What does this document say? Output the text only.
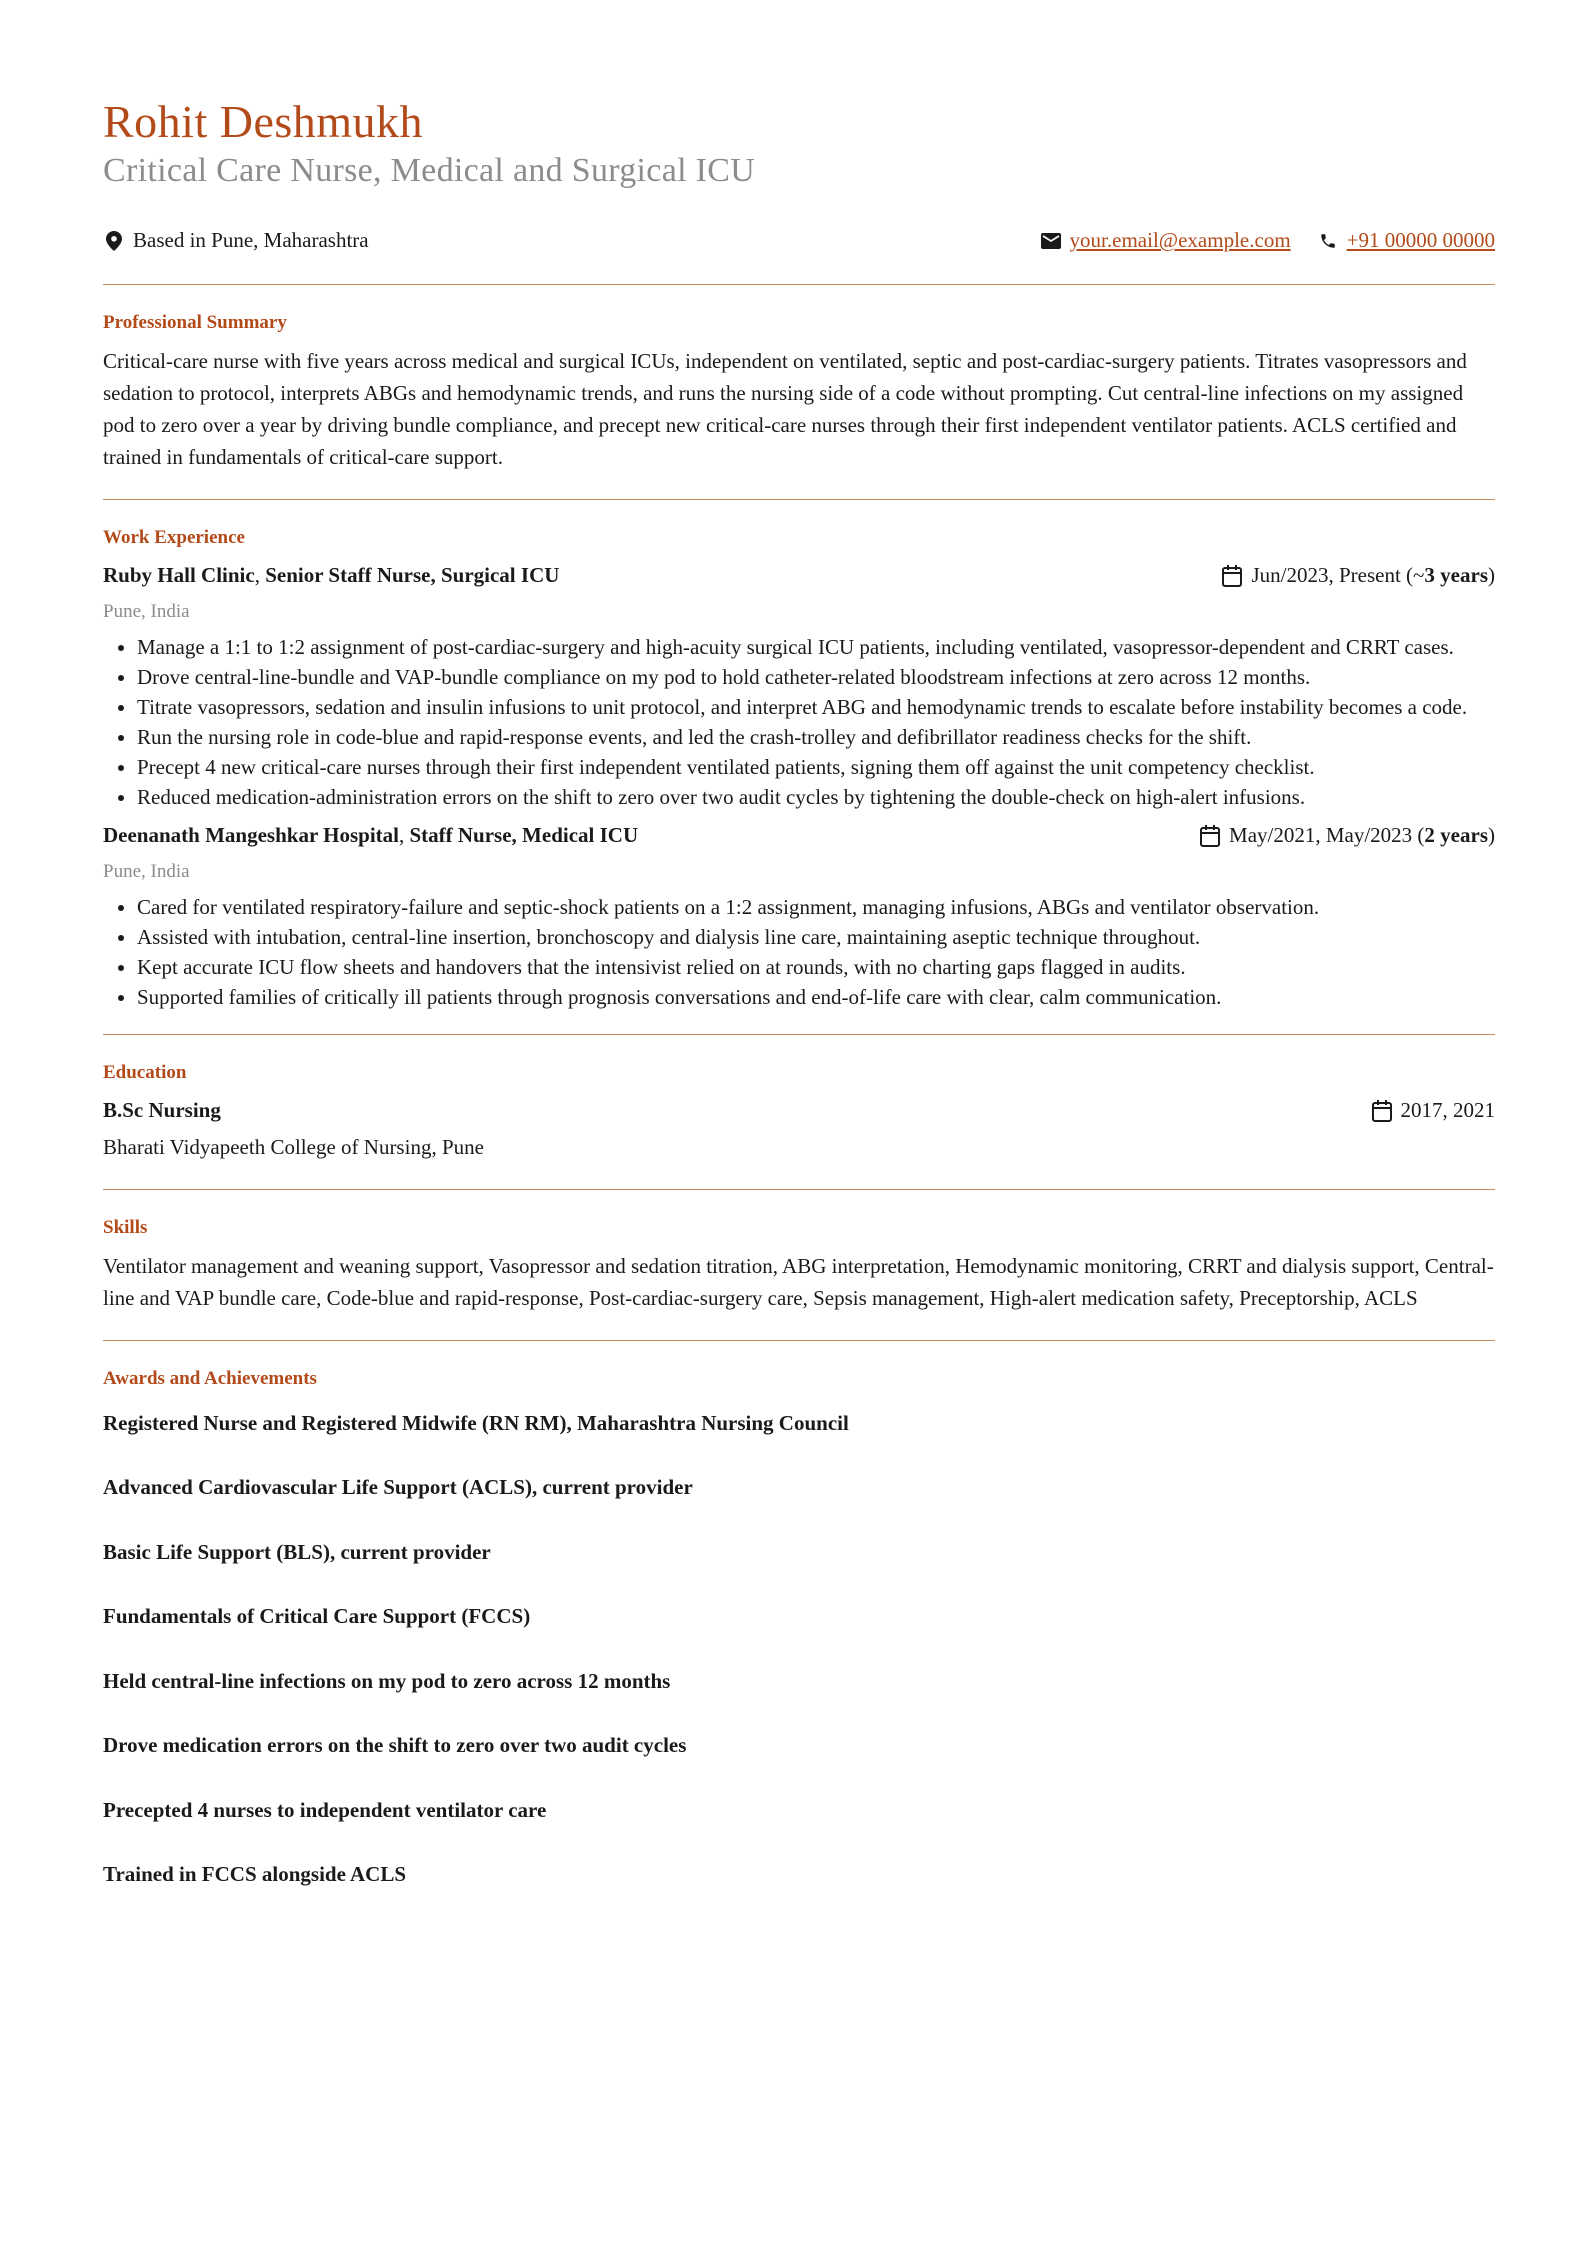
Rohit Deshmukh
Critical Care Nurse, Medical and Surgical ICU
Based in Pune, Maharashtra	your.email@example.com	+91 00000 00000
Professional Summary
Critical-care nurse with five years across medical and surgical ICUs, independent on ventilated, septic and post-cardiac-surgery patients. Titrates vasopressors and sedation to protocol, interprets ABGs and hemodynamic trends, and runs the nursing side of a code without prompting. Cut central-line infections on my assigned pod to zero over a year by driving bundle compliance, and precept new critical-care nurses through their first independent ventilator patients. ACLS certified and trained in fundamentals of critical-care support.
Work Experience
Ruby Hall Clinic, Senior Staff Nurse, Surgical ICU	Jun/2023, Present (~ 3 years )
Pune, India
• Manage a 1:1 to 1:2 assignment of post-cardiac-surgery and high-acuity surgical ICU patients, including ventilated, vasopressor-dependent and CRRT cases.
• Drove central-line-bundle and VAP-bundle compliance on my pod to hold catheter-related bloodstream infections at zero across 12 months.
• Titrate vasopressors, sedation and insulin infusions to unit protocol, and interpret ABG and hemodynamic trends to escalate before instability becomes a code.
• Run the nursing role in code-blue and rapid-response events, and led the crash-trolley and defibrillator readiness checks for the shift.
• Precept 4 new critical-care nurses through their first independent ventilated patients, signing them off against the unit competency checklist.
• Reduced medication-administration errors on the shift to zero over two audit cycles by tightening the double-check on high-alert infusions.
Deenanath Mangeshkar Hospital, Staff Nurse, Medical ICU	May/2021, May/2023 ( 2 years )
Pune, India
• Cared for ventilated respiratory-failure and septic-shock patients on a 1:2 assignment, managing infusions, ABGs and ventilator observation.
• Assisted with intubation, central-line insertion, bronchoscopy and dialysis line care, maintaining aseptic technique throughout.
• Kept accurate ICU flow sheets and handovers that the intensivist relied on at rounds, with no charting gaps flagged in audits.
• Supported families of critically ill patients through prognosis conversations and end-of-life care with clear, calm communication.
Education
B.Sc Nursing	2017, 2021
Bharati Vidyapeeth College of Nursing, Pune
Skills
Ventilator management and weaning support, Vasopressor and sedation titration, ABG interpretation, Hemodynamic monitoring, CRRT and dialysis support, Central-line and VAP bundle care, Code-blue and rapid-response, Post-cardiac-surgery care, Sepsis management, High-alert medication safety, Preceptorship, ACLS
Awards and Achievements
Registered Nurse and Registered Midwife (RN RM), Maharashtra Nursing Council
Advanced Cardiovascular Life Support (ACLS), current provider
Basic Life Support (BLS), current provider
Fundamentals of Critical Care Support (FCCS)
Held central-line infections on my pod to zero across 12 months
Drove medication errors on the shift to zero over two audit cycles
Precepted 4 nurses to independent ventilator care
Trained in FCCS alongside ACLS
